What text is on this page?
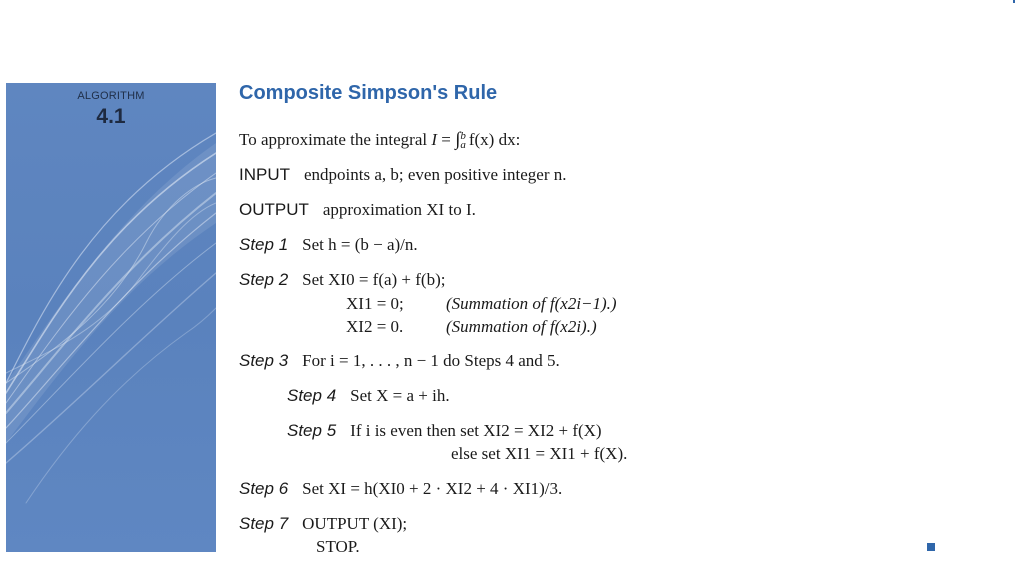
ALGORITHM
4.1
Composite Simpson's Rule
To approximate the integral I = ∫ b
a f(x) dx:
INPUT endpoints a, b; even positive integer n.
OUTPUT approximation XI to I.
Step 1 Set h = (b − a)/n.
Step 2 Set XI0 = f(a) + f(b);
XI1 = 0; (Summation of f(x2i−1).)
XI2 = 0.	(Summation of f(x2i).)
Step 3 For i = 1, . . . , n − 1 do Steps 4 and 5.
Step 4 Set X = a + ih.
Step 5 If i is even then set XI2 = XI2 + f(X)
else set XI1 = XI1 + f(X).
Step 6 Set XI = h(XI0 + 2 · XI2 + 4 · XI1)/3.
Step 7 OUTPUT (XI);
STOP.
